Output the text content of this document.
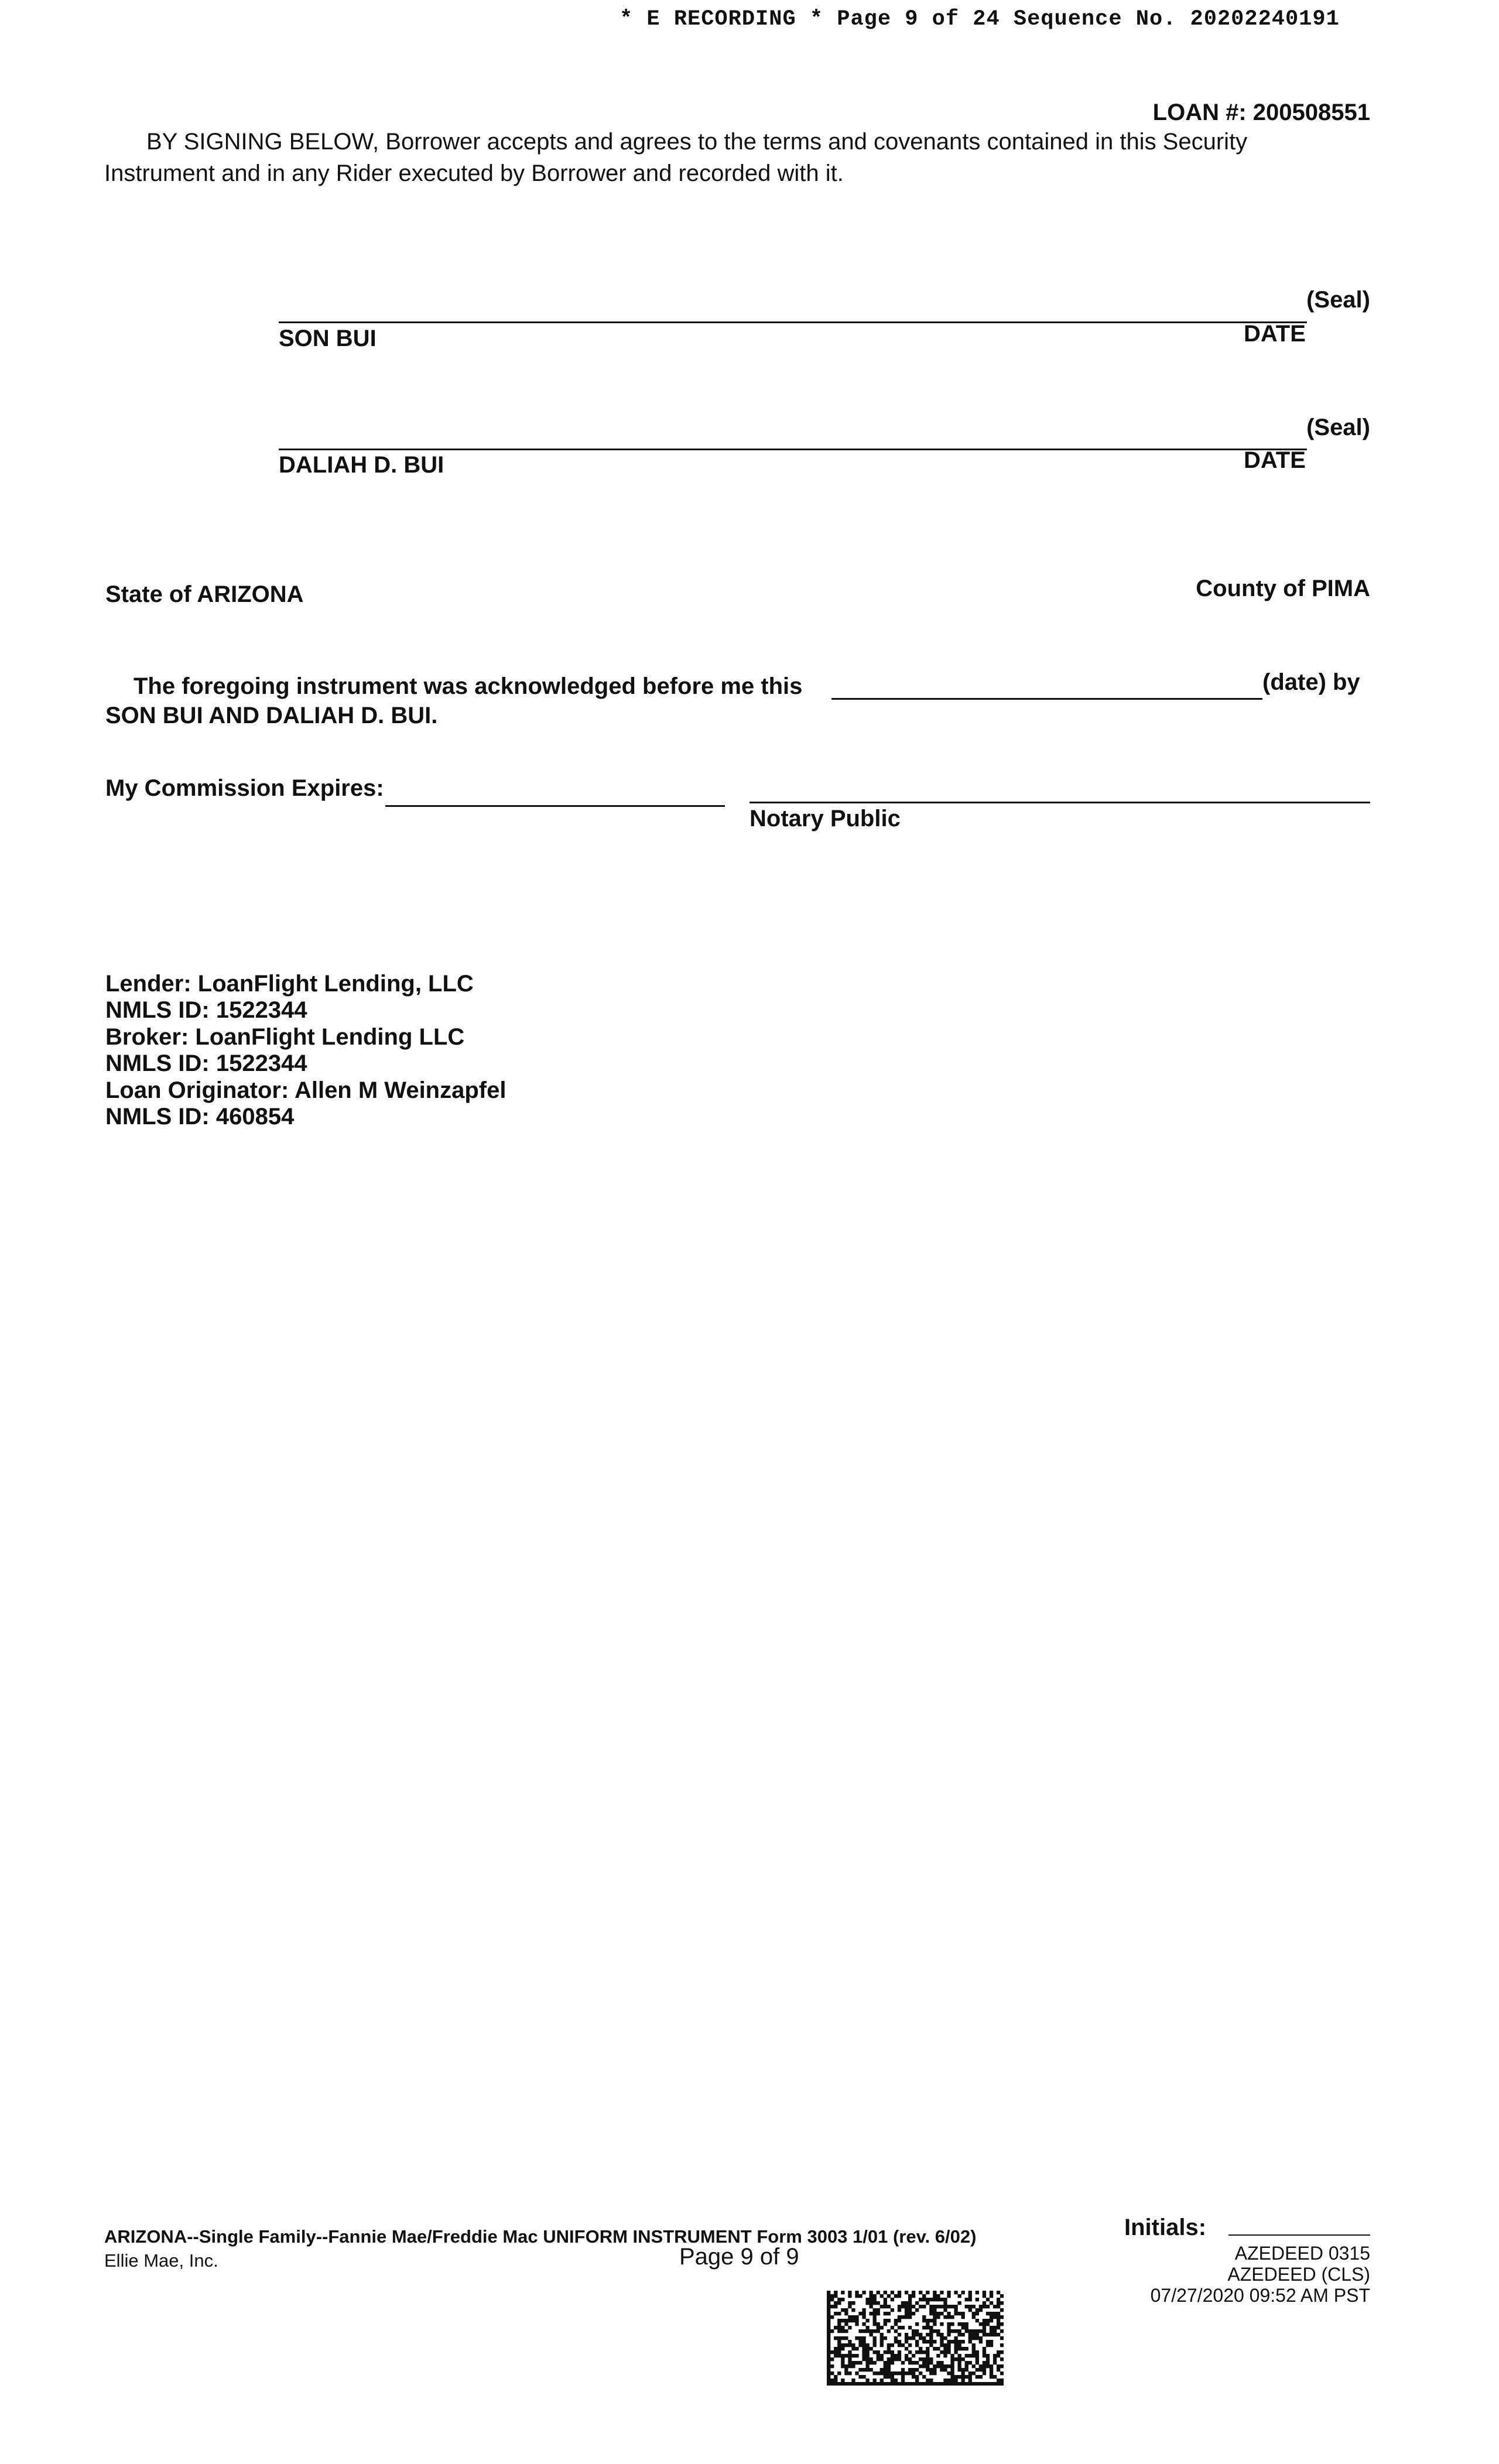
* E RECORDING * Page 9 of 24 Sequence No. 20202240191
LOAN #: 200508551
BY SIGNING BELOW, Borrower accepts and agrees to the terms and covenants contained in this Security
Instrument and in any Rider executed by Borrower and recorded with it.
(Seal)
SON BUI	DATE
(Seal)
DALIAH D. BUI	DATE
State of ARIZONA	County of PIMA
The foregoing instrument was acknowledged before me this	(date) by
SON BUI AND DALIAH D. BUI.
My Commission Expires:
Notary Public
Lender: LoanFlight Lending, LLC
NMLS ID: 1522344
Broker: LoanFlight Lending LLC
NMLS ID: 1522344
Loan Originator: Allen M Weinzapfel
NMLS ID: 460854
ARIZONA--Single Family--Fannie Mae/Freddie Mac UNIFORM INSTRUMENT Form 3003 1/01 (rev. 6/02)
Ellie Mae, Inc.	Page 9 of 9
Initials:
AZEDEED 0315
AZEDEED (CLS)
07/27/2020 09:52 AM PST
